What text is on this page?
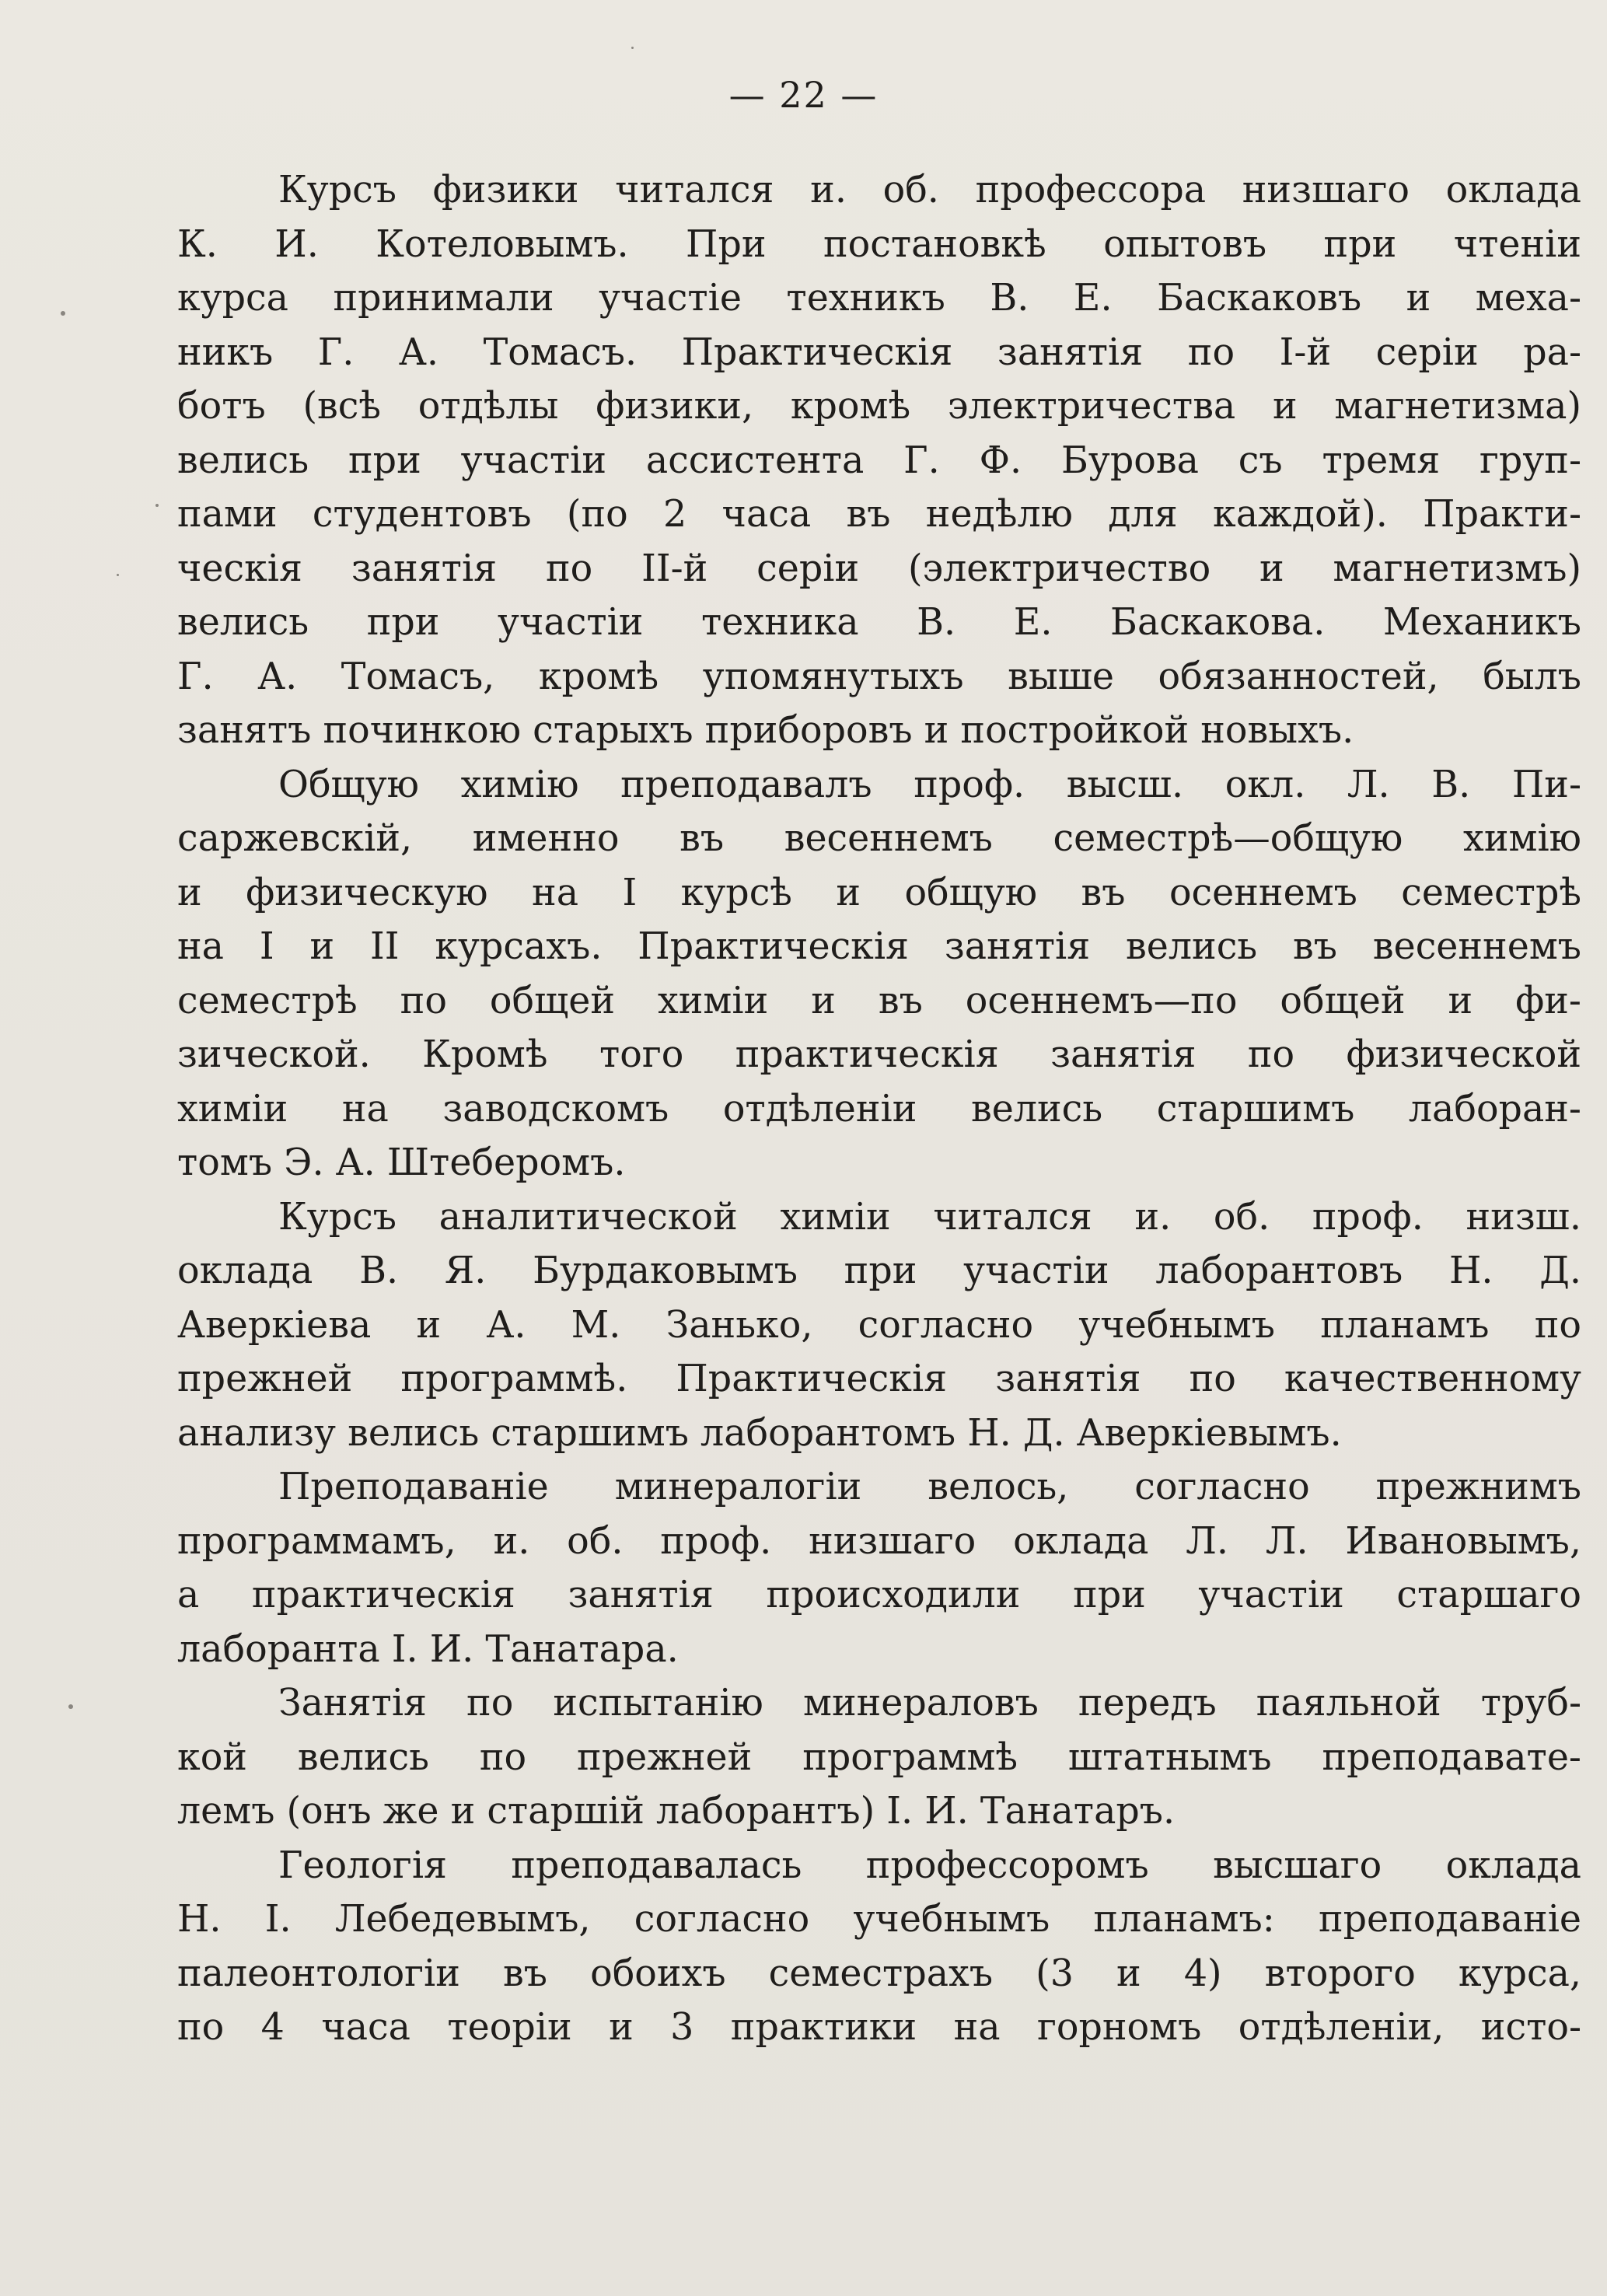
— 22 —
Курсъ физики читался и. об. профессора низшаго оклада
К. И. Котеловымъ. При постановкѣ опытовъ при чтеніи
курса принимали участіе техникъ В. Е. Баскаковъ и меха-
никъ Г. А. Томасъ. Практическія занятія по I-й серіи ра-
ботъ (всѣ отдѣлы физики, кромѣ электричества и магнетизма)
велись при участіи ассистента Г. Ф. Бурова съ тремя груп-
пами студентовъ (по 2 часа въ недѣлю для каждой). Практи-
ческія занятія по II-й серіи (электричество и магнетизмъ)
велись при участіи техника В. Е. Баскакова. Механикъ
Г. А. Томасъ, кромѣ упомянутыхъ выше обязанностей, былъ
занятъ починкою старыхъ приборовъ и постройкой новыхъ.
Общую химію преподавалъ проф. высш. окл. Л. В. Пи-
саржевскій, именно въ весеннемъ семестрѣ—общую химію
и физическую на I курсѣ и общую въ осеннемъ семестрѣ
на I и II курсахъ. Практическія занятія велись въ весеннемъ
семестрѣ по общей химіи и въ осеннемъ—по общей и фи-
зической. Кромѣ того практическія занятія по физической
химіи на заводскомъ отдѣленіи велись старшимъ лаборан-
томъ Э. А. Штеберомъ.
Курсъ аналитической химіи читался и. об. проф. низш.
оклада В. Я. Бурдаковымъ при участіи лаборантовъ Н. Д.
Аверкіева и А. М. Занько, согласно учебнымъ планамъ по
прежней программѣ. Практическія занятія по качественному
анализу велись старшимъ лаборантомъ Н. Д. Аверкіевымъ.
Преподаваніе минералогіи велось, согласно прежнимъ
программамъ, и. об. проф. низшаго оклада Л. Л. Ивановымъ,
а практическія занятія происходили при участіи старшаго
лаборанта I. И. Танатара.
Занятія по испытанію минераловъ передъ паяльной труб-
кой велись по прежней программѣ штатнымъ преподавате-
лемъ (онъ же и старшій лаборантъ) I. И. Танатаръ.
Геологія преподавалась профессоромъ высшаго оклада
Н. I. Лебедевымъ, согласно учебнымъ планамъ: преподаваніе
палеонтологіи въ обоихъ семестрахъ (3 и 4) второго курса,
по 4 часа теоріи и 3 практики на горномъ отдѣленіи, исто-
